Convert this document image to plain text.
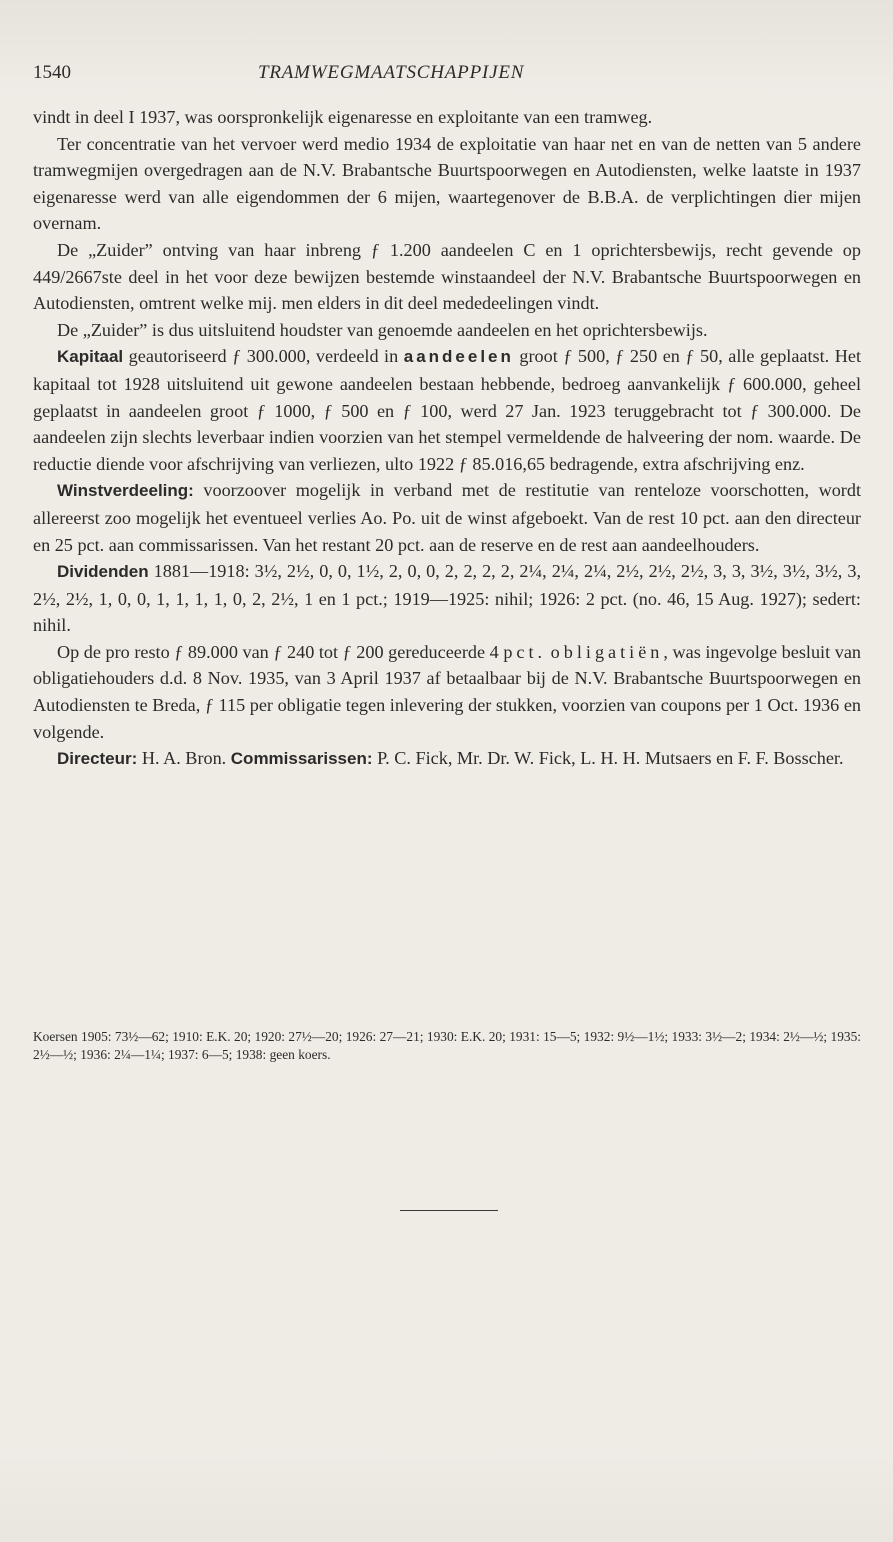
1540	TRAMWEGMAATSCHAPPIJEN

vindt in deel I 1937, was oorspronkelijk eigenaresse en exploitante van een tramweg.

Ter concentratie van het vervoer werd medio 1934 de exploitatie van haar net en van de netten van 5 andere tramwegmijen overgedragen aan de N.V. Brabantsche Buurtspoorwegen en Autodiensten, welke laatste in 1937 eigenaresse werd van alle eigendommen der 6 mijen, waartegenover de B.B.A. de verplichtingen dier mijen overnam.

De „Zuider” ontving van haar inbreng ƒ 1.200 aandeelen C en 1 oprichtersbewijs, recht gevende op 449/2667ste deel in het voor deze bewijzen bestemde winstaandeel der N.V. Brabantsche Buurtspoorwegen en Autodiensten, omtrent welke mij. men elders in dit deel mededeelingen vindt.

De „Zuider” is dus uitsluitend houdster van genoemde aandeelen en het oprichtersbewijs.

Kapitaal geautoriseerd ƒ 300.000, verdeeld in aandeelen groot ƒ 500, ƒ 250 en ƒ 50, alle geplaatst. Het kapitaal tot 1928 uitsluitend uit gewone aandeelen bestaan hebbende, bedroeg aanvankelijk ƒ 600.000, geheel geplaatst in aandeelen groot ƒ 1000, ƒ 500 en ƒ 100, werd 27 Jan. 1923 teruggebracht tot ƒ 300.000. De aandeelen zijn slechts leverbaar indien voorzien van het stempel vermeldende de halveering der nom. waarde. De reductie diende voor afschrijving van verliezen, ulto 1922 ƒ 85.016,65 bedragende, extra afschrijving enz.

Winstverdeeling: voorzoover mogelijk in verband met de restitutie van renteloze voorschotten, wordt allereerst zoo mogelijk het eventueel verlies Ao. Po. uit de winst afgeboekt. Van de rest 10 pct. aan den directeur en 25 pct. aan commissarissen. Van het restant 20 pct. aan de reserve en de rest aan aandeelhouders.

Dividenden 1881—1918: 3½, 2½, 0, 0, 1½, 2, 0, 0, 2, 2, 2, 2, 2¼, 2¼, 2¼, 2½, 2½, 2½, 3, 3, 3½, 3½, 3½, 3, 2½, 2½, 1, 0, 0, 1, 1, 1, 1, 0, 2, 2½, 1 en 1 pct.; 1919—1925: nihil; 1926: 2 pct. (no. 46, 15 Aug. 1927); sedert: nihil.

Op de pro resto ƒ 89.000 van ƒ 240 tot ƒ 200 gereduceerde 4 pct. obligatiën, was ingevolge besluit van obligatiehouders d.d. 8 Nov. 1935, van 3 April 1937 af betaalbaar bij de N.V. Brabantsche Buurtspoorwegen en Autodiensten te Breda, ƒ 115 per obligatie tegen inlevering der stukken, voorzien van coupons per 1 Oct. 1936 en volgende.

Directeur: H. A. Bron. Commissarissen: P. C. Fick, Mr. Dr. W. Fick, L. H. H. Mutsaers en F. F. Bosscher.

Koersen 1905: 73½—62; 1910: E.K. 20; 1920: 27½—20; 1926: 27—21; 1930: E.K. 20; 1931: 15—5; 1932: 9½—1½; 1933: 3½—2; 1934: 2½—½; 1935: 2½—½; 1936: 2¼—1¼; 1937: 6—5; 1938: geen koers.
